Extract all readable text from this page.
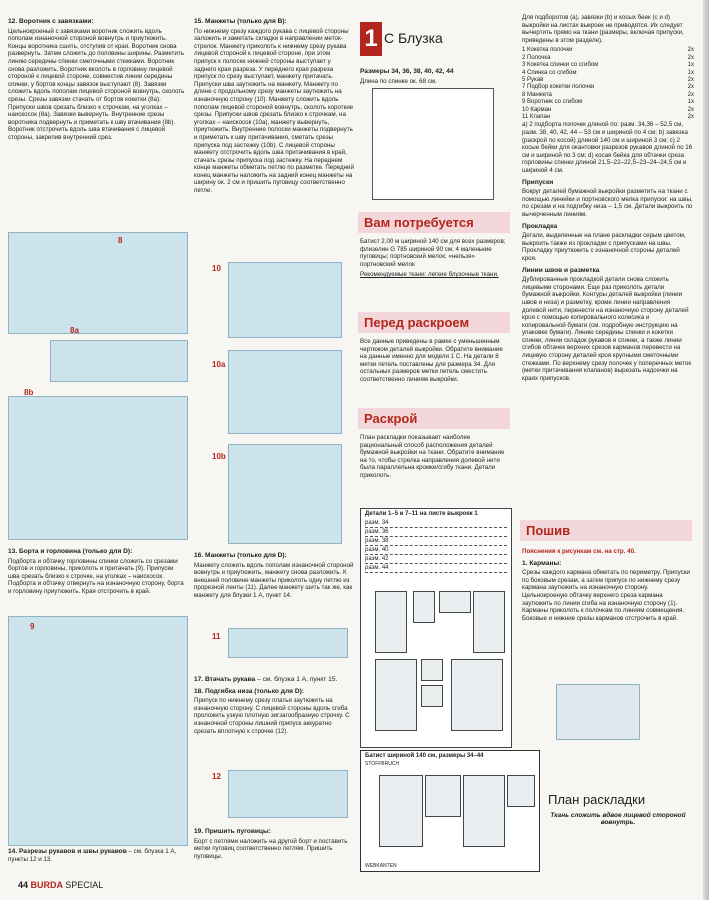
12. Воротник с завязками:

Цельнокроеный с завязками воротник сложить вдоль пополам изнаночной стороной вовнутрь и приутюжить. Концы воротника сшить, отступив от края. Воротник снова развернуть. Затем сложить до половины ширины. Разметить линию середины спинки сметочными стежками. Воротник снова разложить. Воротник вколоть в горловину лицевой стороной к лицевой стороне, совместив линии середины спинки, у бортов концы завязок выступают (8). Завязки сложить вдоль пополам лицевой стороной вовнутрь, сколоть срезы. Срезы завязки стачать от бортов кокетки (8а). Припуски швов срезать близко к строчкам, на уголках – наискосок (8а). Завязки вывернуть. Внутренние срезы воротника подвернуть и приметать к шву втачивания (8b). Воротник отстрочить вдоль шва втачивания с лицевой стороны, закрепив внутренний срез.

8
8a
8b
13. Борта и горловина (только для D):

Подборта и обтачку горловины спинки сложить со срезами бортов и горловины, приколоть и притачать (9). Припуски шва срезать близко к строчке, на уголках – наискосок. Подборта и обтачку отвернуть на изнаночную сторону, борта и горловину приутюжить. Края отстрочить в край.

9
14. Разрезы рукавов и швы рукавов – см. блузка 1 А, пункты 12 и 13.
15. Манжеты (только для B):

По нижнему срезу каждого рукава с лицевой стороны заложить и заметать складки в направлении меток-стрелок. Манжету приколоть к нижнему срезу рукава лицевой стороной к лицевой стороне, при этом припуск к полоске нижней стороны выступает у заднего края разреза. У переднего края разреза припуск по срезу выступает, манжету притачать. Припуски шва заутюжить на манжету. Манжету по длине с продольному срезу манжеты заутюжить на изнаночную сторону (10). Манжету сложить вдоль пополам лицевой стороной вовнутрь, сколоть короткие срезы. Припуски швов срезать близко к строчкам, на уголках – наискосок (10а), манжету вывернуть, приутюжить. Внутренние полоски манжеты подвернуть и приметать к шву притачивания, сметать срезы припуска под застежку (10b). С лицевой стороны манжету отстрочить вдоль шва притачивания в край, стачать срезы припуска под застежку. На переднем конце манжеты обметать петлю по разметке. Передний конец манжеты наложить на задний конец манжеты на ширину ок. 2 см и пришить пуговицу соответственно петле.

10
10a
10b
16. Манжеты (только для D):

Манжету сложить вдоль пополам изнаночной стороной вовнутрь и приутюжить, манжету снова разложить. К внешней половине манжеты приколоть одну петлю из прорезной ленты (11). Далее манжету шить так же, как манжету для блузки 1 А, пункт 14.

11
17. Втачать рукава – см. блузка 1 А, пункт 15.
18. Подгибка низа (только для D):

Припуск по нижнему срезу платья заутюжить на изнаночную сторону. С лицевой стороны вдоль сгиба проложить узкую плотную зигзагообразную строчку. С изнаночной стороны лишний припуск аккуратно срезать вплотную к строчке (12).

12
19. Пришить пуговицы:

Борт с петлями наложить на другой борт и поставить метки пуговиц соответственно петлям. Пришить пуговицы.

1 С Блузка
Размеры 34, 36, 38, 40, 42, 44
Длина по спинке ок. 68 см.
Вам потребуется

Батист 2,00 м шириной 140 см для всех размеров; флизелин G 785 шириной 90 см; 4 маленькие пуговицы; портновский мелок; «нельзя» портновский мелок

Рекомендуемые ткани: легкие блузочные ткани.

Перед раскроем

Все данные приведены в рамке с уменьшенным чертежом деталей выкройки. Обратите внимание на данные именно для модели 1 С. На детали 8 метки петель поставлены для размера 34. Для остальных размеров метки петель сместить соответственно линиям выкройки.

Раскрой

План раскладки показывает наиболее рациональный способ расположения деталей бумажной выкройки на ткани. Обратите внимание на то, чтобы стрелка направления долевой нити была параллельна кромке/сгибу ткани. Детали приколоть.

Детали 1–5 и 7–11 на листе выкроек 1
разм. 34
разм. 36
разм. 38
разм. 40
разм. 42
разм. 44
Батист шириной 140 см, размеры 34–44
STOFFBRUCH
WEBKANTEN

Для подборотов (а), завязки (b) и косых беек (с и d) выкройки на листах выкроек не приводятся. Их следует вычертить прямо на ткани (размеры, включая припуски, приведены в этом разделе).

1 Кокетка полочки	2x
2 Полочка	2x
3 Кокетка спинки со сгибом	1x
4 Спинка со сгибом	1x
5 Рукав	2x
7 Подбор кокетки полочки	2x
8 Манжета	2x
9 Воротник со сгибом	1x
10 Карман	2x
11 Клапан	2x

а) 2 подборта полочек длиной по: разм. 34,36 – 52,5 см, разм. 38, 40, 42, 44 – 53 см и шириной по 4 см; b) завязка (раскрой по косой) длиной 140 см и шириной 3 см; с) 2 косые бейки для окантовки разрезов рукавов длиной по 16 см и шириной по 3 см; d) косая бейка для обтачки среза горловины спинки длиной 21,5–22–22,5–23–24–24,5 см и шириной 4 см.

Припуски

Вокруг деталей бумажной выкройки разметить на ткани с помощью линейки и портновского мелка припуски: на швы, по срезам и на подгибку низа – 1,5 см. Детали выкроить по вычерченным линиям.

Прокладка

Детали, выделенные на плане раскладки серым цветом, выкроить также из прокладки с припусками на швы. Прокладку приутюжить с изнаночной стороны деталей кроя.

Линии швов и разметка

Дублированные прокладкой детали снова сложить лицевыми сторонами. Еще раз приколоть детали бумажной выкройки. Контуры деталей выкройки (линии швов и низа) и разметку, кроме линии направления долевой нити, перенести на изнаночную сторону деталей кроя с помощью копировального колесика и копировальной бумаги (см. подробную инструкцию на упаковке бумаги). Линию середины спинки и кокетки спинки, линии складок рукавов и спинки, а также линии сгибов обтачек верхних срезов карманов перевести на лицевую сторону деталей кроя крупными сметочными стежками. По верхнему срезу полочек у поперечных меток (метки притачивания клапанов) вырезать надсечки на краях припусков.

Пошив

Пояснения к рисункам см. на стр. 40.

1. Карманы:

Срезы каждого кармана обметать по периметру. Припуски по боковым срезам, а затем припуск по нижнему срезу кармана заутюжить на изнаночную сторону. Цельнокроеную обтачку верхнего среза кармана заутюжить по линии сгиба на изнаночную сторону (1). Карманы приколоть к полочкам по линиям совмещения. Боковые и нижние срезы карманов отстрочить в край.

План раскладки
Ткань сложить вдвое лицевой стороной вовнутрь.
44 BURDA SPECIAL
